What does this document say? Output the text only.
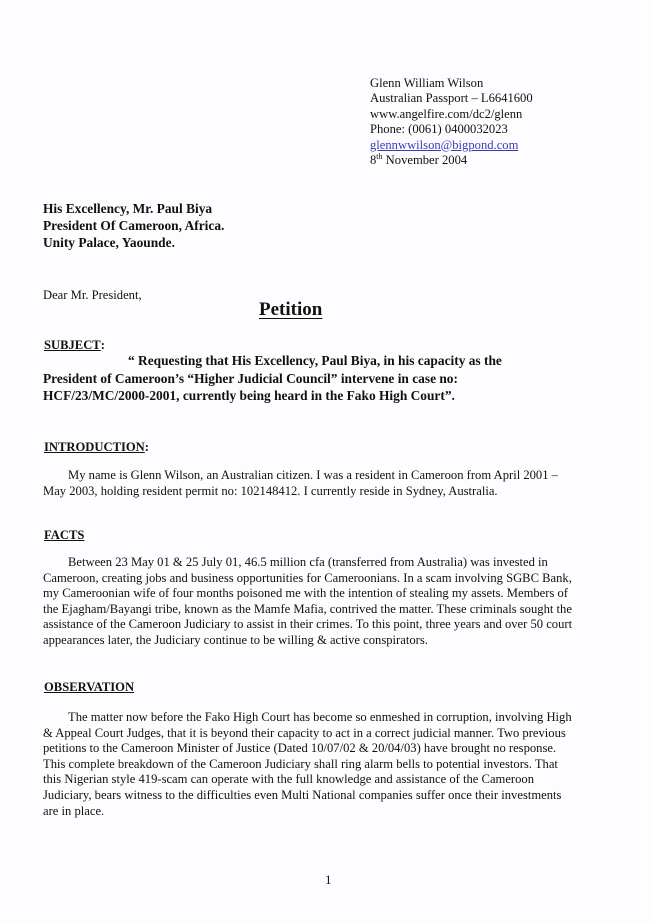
Glenn William Wilson
Australian Passport – L6641600
www.angelfire.com/dc2/glenn
Phone: (0061) 0400032023
glennwwilson@bigpond.com
8th November 2004
His Excellency, Mr. Paul Biya
President Of Cameroon, Africa.
Unity Palace, Yaounde.
Dear Mr. President,
Petition
SUBJECT:
“ Requesting that His Excellency, Paul Biya, in his capacity as the
President of Cameroon’s “Higher Judicial Council” intervene in case no:
HCF/23/MC/2000-2001, currently being heard in the Fako High Court”.
INTRODUCTION:
My name is Glenn Wilson, an Australian citizen. I was a resident in Cameroon from April 2001 –
May 2003, holding resident permit no: 102148412. I currently reside in Sydney, Australia.
FACTS
Between 23 May 01 & 25 July 01, 46.5 million cfa (transferred from Australia) was invested in
Cameroon, creating jobs and business opportunities for Cameroonians. In a scam involving SGBC Bank,
my Cameroonian wife of four months poisoned me with the intention of stealing my assets. Members of
the Ejagham/Bayangi tribe, known as the Mamfe Mafia, contrived the matter. These criminals sought the
assistance of the Cameroon Judiciary to assist in their crimes. To this point, three years and over 50 court
appearances later, the Judiciary continue to be willing & active conspirators.
OBSERVATION
The matter now before the Fako High Court has become so enmeshed in corruption, involving High
& Appeal Court Judges, that it is beyond their capacity to act in a correct judicial manner. Two previous
petitions to the Cameroon Minister of Justice (Dated 10/07/02 & 20/04/03) have brought no response.
This complete breakdown of the Cameroon Judiciary shall ring alarm bells to potential investors. That
this Nigerian style 419-scam can operate with the full knowledge and assistance of the Cameroon
Judiciary, bears witness to the difficulties even Multi National companies suffer once their investments
are in place.
1
